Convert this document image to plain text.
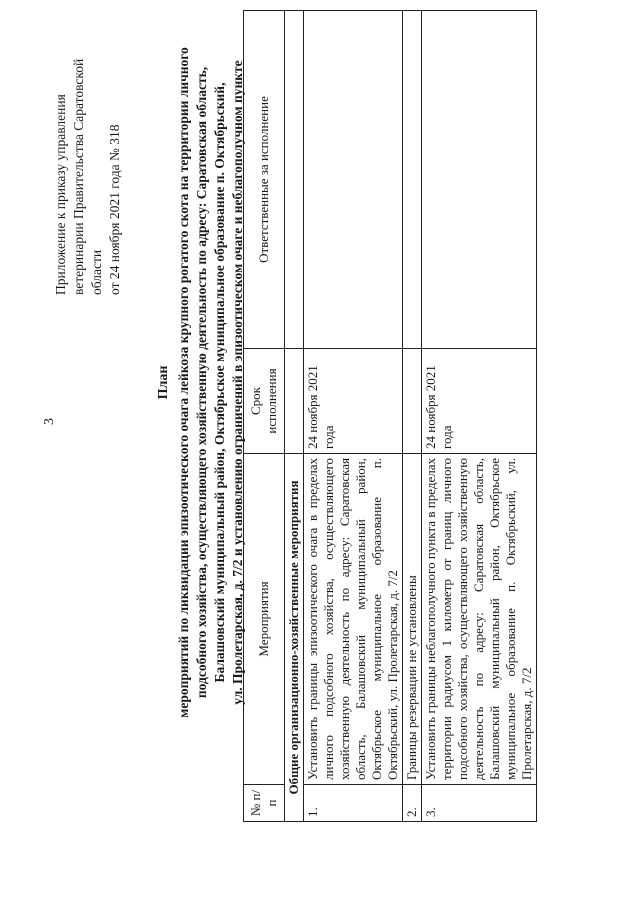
3
Приложение к приказу управления ветеринарии Правительства Саратовской области от 24 ноября 2021 года № 318
План мероприятий по ликвидации эпизоотического очага лейкоза крупного рогатого скота на территории личного подсобного хозяйства, осуществляющего хозяйственную деятельность по адресу: Саратовская область, Балашовский муниципальный район, Октябрьское муниципальное образование п. Октябрьский, ул. Пролетарская, д. 7/2 и установлению ограничений в эпизоотическом очаге и неблагополучном пункте
№ п/п	Мероприятия	Срок исполнения	Ответственные за исполнение
Общие организационно-хозяйственные мероприятия			
1.	Установить границы эпизоотического очага в пределах личного подсобного хозяйства, осуществляющего хозяйственную деятельность по адресу: Саратовская область, Балашовский муниципальный район, Октябрьское муниципальное образование п. Октябрьский, ул. Пролетарская, д. 7/2	24 ноября 2021 года	
2.	Границы резервации не установлены		
3.	Установить границы неблагополучного пункта в пределах территории радиусом 1 километр от границ личного подсобного хозяйства, осуществляющего хозяйственную деятельность по адресу: Саратовская область, Балашовский муниципальный район, Октябрьское муниципальное образование п. Октябрьский, ул. Пролетарская, д. 7/2	24 ноября 2021 года	
